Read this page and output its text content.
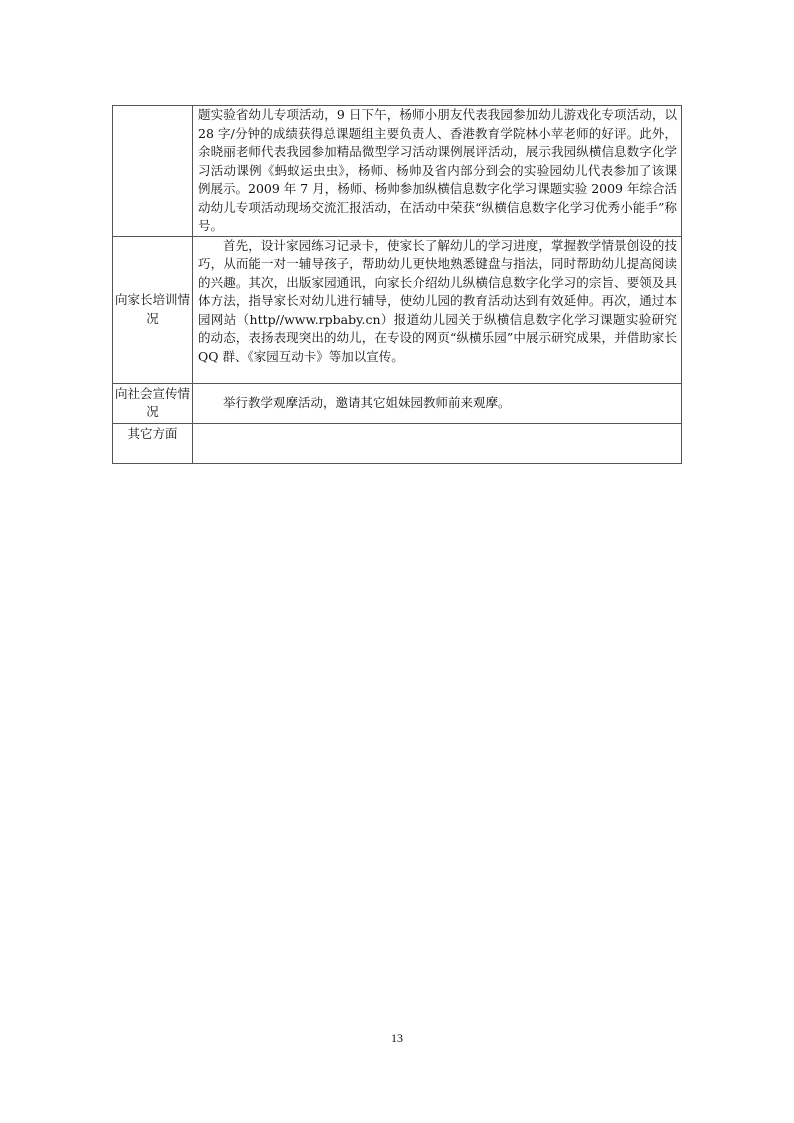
	题实验省幼儿专项活动，9 日下午，杨师小朋友代表我园参加幼儿游戏化专项活动，以 28 字/分钟的成绩获得总课题组主要负责人、香港教育学院林小苹老师的好评。此外，余晓丽老师代表我园参加精品微型学习活动课例展评活动，展示我园纵横信息数字化学习活动课例《蚂蚁运虫虫》，杨师、杨帅及省内部分到会的实验园幼儿代表参加了该课例展示。2009 年 7 月，杨师、杨帅参加纵横信息数字化学习课题实验 2009 年综合活动幼儿专项活动现场交流汇报活动，在活动中荣获“纵横信息数字化学习优秀小能手”称号。

向家长培训情况	首先，设计家园练习记录卡，使家长了解幼儿的学习进度，掌握教学情景创设的技巧，从而能一对一辅导孩子，帮助幼儿更快地熟悉键盘与指法，同时帮助幼儿提高阅读的兴趣。其次，出版家园通讯，向家长介绍幼儿纵横信息数字化学习的宗旨、要领及具体方法，指导家长对幼儿进行辅导，使幼儿园的教育活动达到有效延伸。再次，通过本园网站（http//www.rpbaby.cn）报道幼儿园关于纵横信息数字化学习课题实验研究的动态，表扬表现突出的幼儿，在专设的网页“纵横乐园”中展示研究成果，并借助家长 QQ 群、《家园互动卡》等加以宣传。

向社会宣传情况	举行教学观摩活动，邀请其它姐妹园教师前来观摩。

其它方面	
13
